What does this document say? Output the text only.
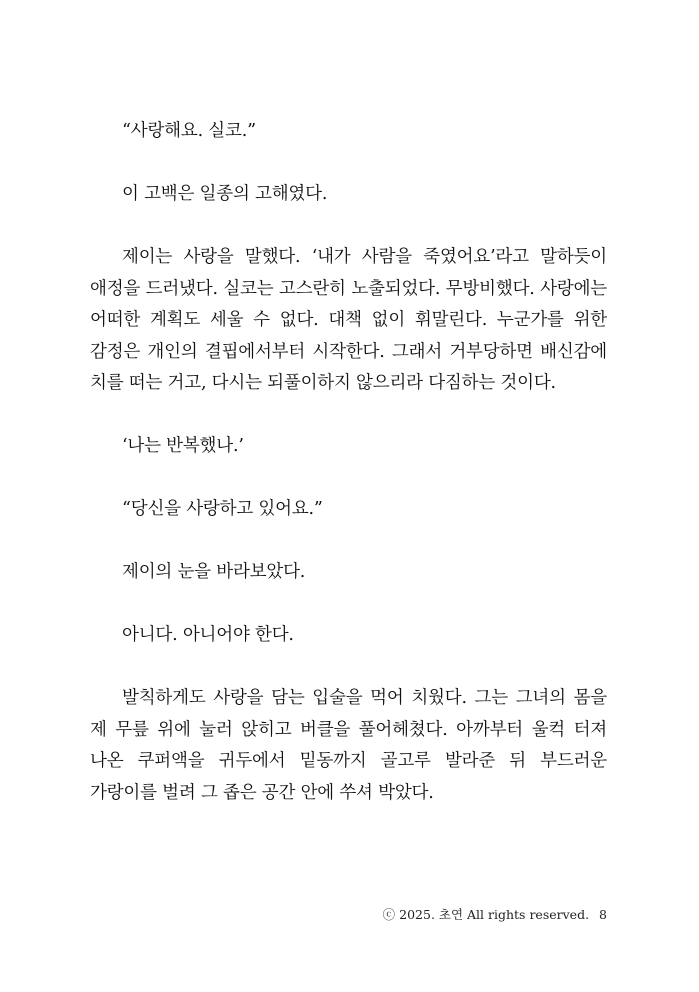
“사랑해요. 실코.”

이 고백은 일종의 고해였다.

제이는 사랑을 말했다. ‘내가 사람을 죽였어요’라고 말하듯이 애정을 드러냈다. 실코는 고스란히 노출되었다. 무방비했다. 사랑에는 어떠한 계획도 세울 수 없다. 대책 없이 휘말린다. 누군가를 위한 감정은 개인의 결핍에서부터 시작한다. 그래서 거부당하면 배신감에 치를 떠는 거고, 다시는 되풀이하지 않으리라 다짐하는 것이다.

‘나는 반복했나.’

“당신을 사랑하고 있어요.”

제이의 눈을 바라보았다.

아니다. 아니어야 한다.

발칙하게도 사랑을 담는 입술을 먹어 치웠다. 그는 그녀의 몸을 제 무릎 위에 눌러 앉히고 버클을 풀어헤쳤다. 아까부터 울컥 터져 나온 쿠퍼액을 귀두에서 밑동까지 골고루 발라준 뒤 부드러운 가랑이를 벌려 그 좁은 공간 안에 쑤셔 박았다.

ⓒ 2025. 초연 All rights reserved. 8
